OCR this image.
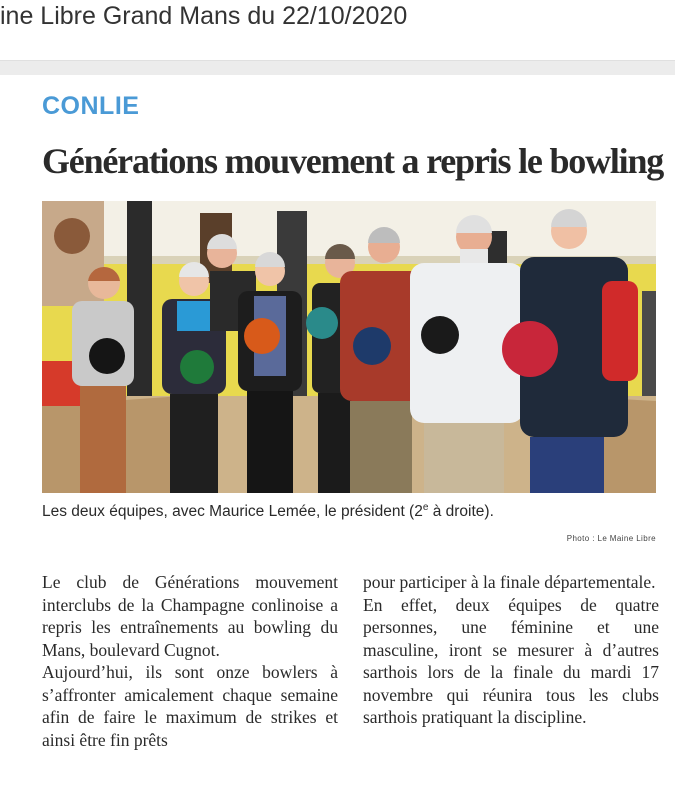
ine Libre Grand Mans du 22/10/2020
CONLIE
Générations mouvement a repris le bowling
Les deux équipes, avec Maurice Lemée, le président (2e à droite).
Photo : Le Maine Libre

Le club de Générations mouvement interclubs de la Champagne conlinoise a repris les entraînements au bowling du Mans, boulevard Cugnot.

Aujourd’hui, ils sont onze bowlers à s’affronter amicalement chaque semaine afin de faire le maximum de strikes et ainsi être fin prêts

pour participer à la finale départementale.

En effet, deux équipes de quatre personnes, une féminine et une masculine, iront se mesurer à d’autres sarthois lors de la finale du mardi 17 novembre qui réunira tous les clubs sarthois pratiquant la discipline.
